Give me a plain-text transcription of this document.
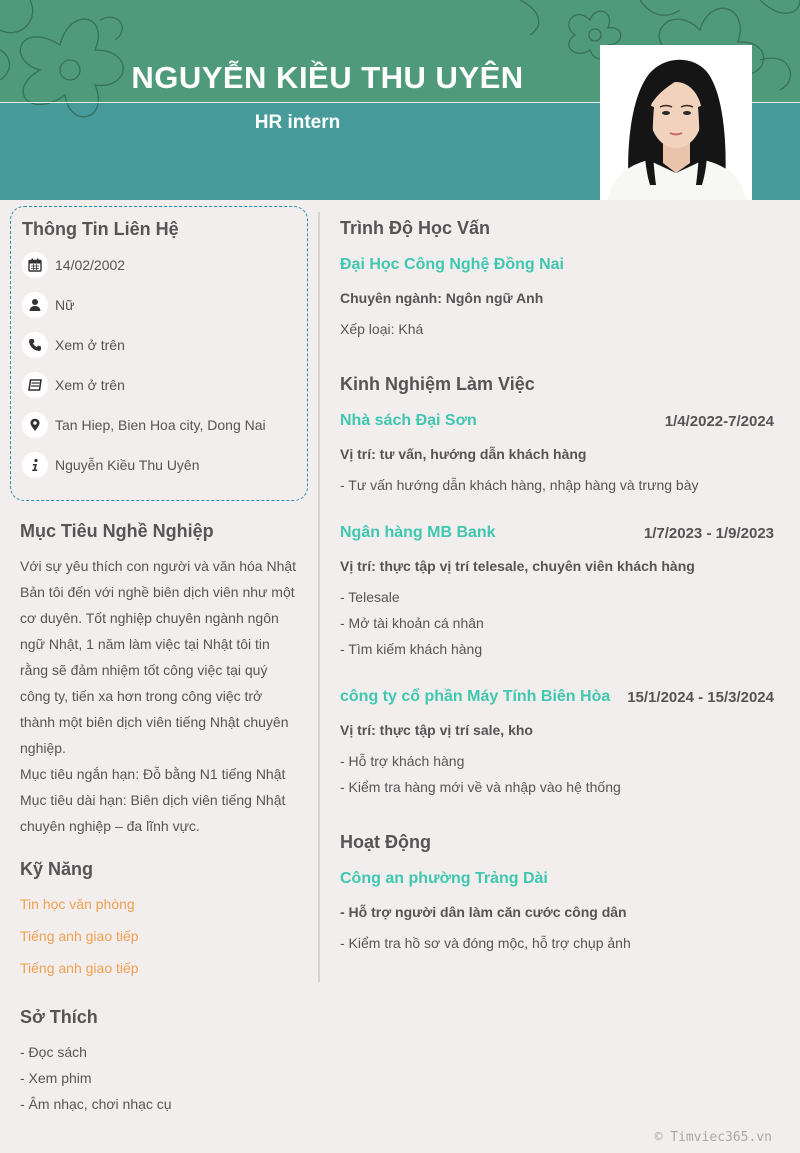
NGUYỄN KIỀU THU UYÊN
HR intern
Thông Tin Liên Hệ
14/02/2002
Nữ
Xem ở trên
Xem ở trên
Tan Hiep, Bien Hoa city, Dong Nai
Nguyễn Kiều Thu Uyên
Mục Tiêu Nghề Nghiệp
Với sự yêu thích con người và văn hóa Nhật
Bản tôi đến với nghề biên dịch viên như một
cơ duyên. Tốt nghiệp chuyên ngành ngôn
ngữ Nhật, 1 năm làm việc tại Nhật tôi tin
rằng sẽ đảm nhiệm tốt công việc tại quý
công ty, tiến xa hơn trong công việc trở
thành một biên dịch viên tiếng Nhật chuyên
nghiệp.
Mục tiêu ngắn hạn: Đỗ bằng N1 tiếng Nhật
Mục tiêu dài hạn: Biên dịch viên tiếng Nhật
chuyên nghiệp – đa lĩnh vực.
Kỹ Năng
Tin học văn phòng
Tiếng anh giao tiếp
Tiếng anh giao tiếp
Sở Thích
- Đọc sách
- Xem phim
- Âm nhạc, chơi nhạc cụ
Trình Độ Học Vấn
Đại Học Công Nghệ Đồng Nai
Chuyên ngành: Ngôn ngữ Anh
Xếp loại: Khá
Kinh Nghiệm Làm Việc
Nhà sách Đại Sơn	1/4/2022-7/2024
Vị trí: tư vấn, hướng dẫn khách hàng
- Tư vấn hướng dẫn khách hàng, nhập hàng và trưng bày
Ngân hàng MB Bank	1/7/2023 - 1/9/2023
Vị trí: thực tập vị trí telesale, chuyên viên khách hàng
- Telesale
- Mở tài khoản cá nhân
- Tìm kiếm khách hàng
công ty cổ phần Máy Tính Biên Hòa 15/1/2024 - 15/3/2024
Vị trí: thực tập vị trí sale, kho
- Hỗ trợ khách hàng
- Kiểm tra hàng mới về và nhập vào hệ thống
Hoạt Động
Công an phường Trảng Dài
- Hỗ trợ người dân làm căn cước công dân
- Kiểm tra hồ sơ và đóng mộc, hỗ trợ chụp ảnh
© Timviec365.vn
